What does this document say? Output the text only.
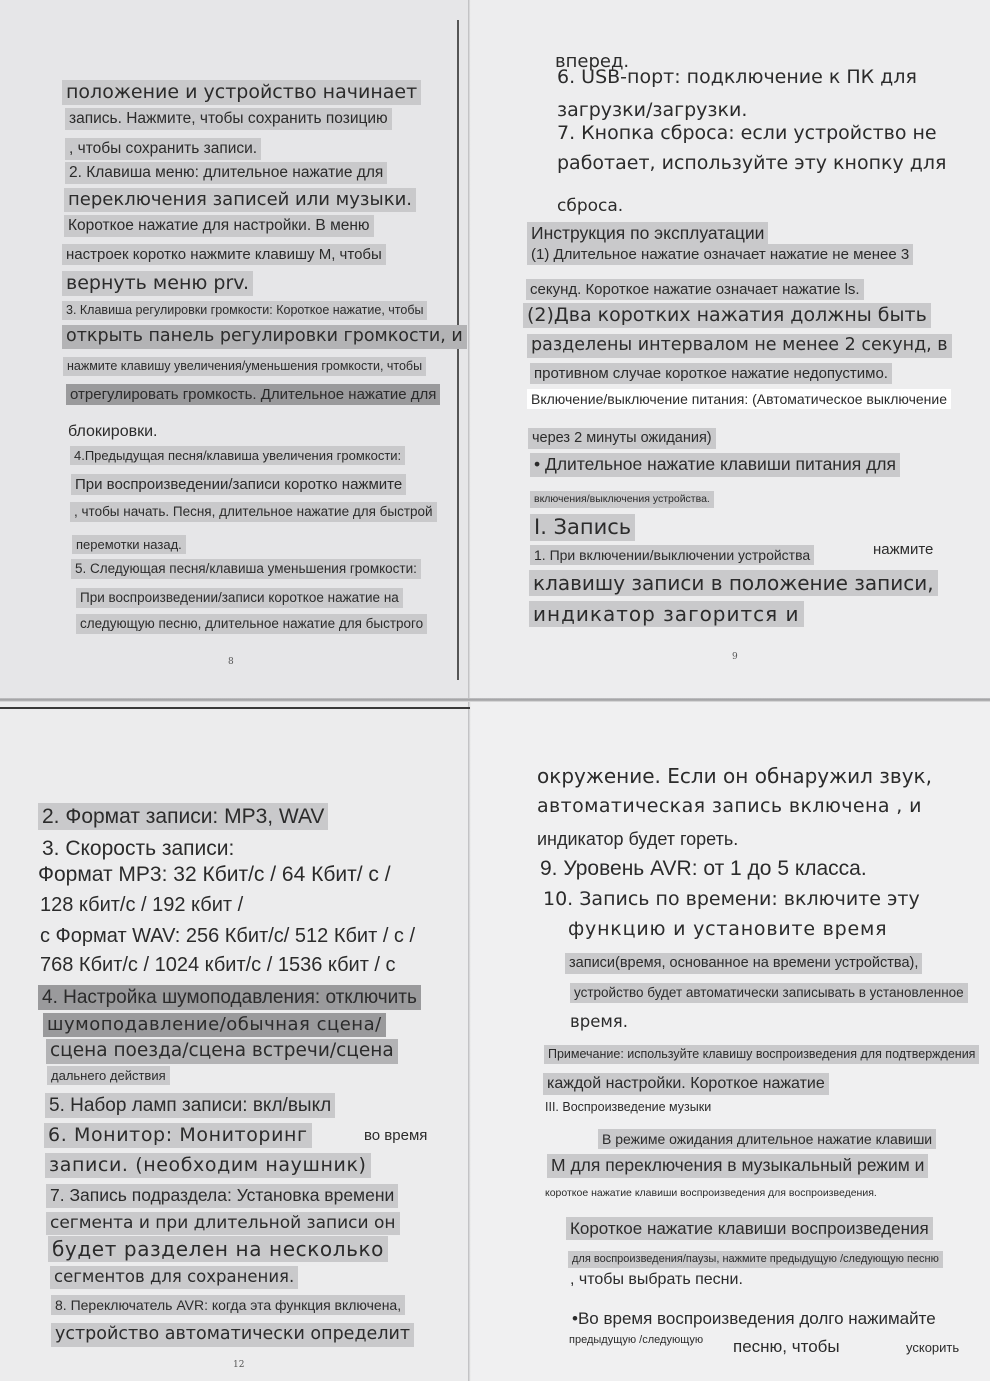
положение и устройство начинает
запись. Нажмите, чтобы сохранить позицию
, чтобы сохранить записи.
2. Клавиша меню: длительное нажатие для
переключения записей или музыки.
Короткое нажатие для настройки. В меню
настроек коротко нажмите клавишу М, чтобы
вернуть меню prv.
3. Клавиша регулировки громкости: Короткое нажатие, чтобы
открыть панель регулировки громкости, и
нажмите клавишу увеличения/уменьшения громкости, чтобы
отрегулировать громкость. Длительное нажатие для
блокировки.
4.Предыдущая песня/клавиша увеличения громкости:
При воспроизведении/записи коротко нажмите
, чтобы начать. Песня, длительное нажатие для быстрой
перемотки назад.
5. Следующая песня/клавиша уменьшения громкости:
При воспроизведении/записи короткое нажатие на
следующую песню, длительное нажатие для быстрого
8
вперед.
6. USB-порт: подключение к ПК для
загрузки/загрузки.
7. Кнопка сброса: если устройство не
работает, используйте эту кнопку для
сброса.
Инструкция по эксплуатации
(1) Длительное нажатие означает нажатие не менее 3
секунд. Короткое нажатие означает нажатие ls.
(2)Два коротких нажатия должны быть
разделены интервалом не менее 2 секунд, в
противном случае короткое нажатие недопустимо.
Включение/выключение питания: (Автоматическое выключение
через 2 минуты ожидания)
• Длительное нажатие клавиши питания для
включения/выключения устройства.
I. Запись
1. При включении/выключении устройства	нажмите
клавишу записи в положение записи,
индикатор загорится и
9
2. Формат записи: MP3, WAV
3. Скорость записи:
Формат MP3: 32 Кбит/с / 64 Кбит/ с /
128 кбит/с / 192 кбит /
с Формат WAV: 256 Кбит/с/ 512 Кбит / с /
768 Кбит/с / 1024 кбит/с / 1536 кбит / с
4. Настройка шумоподавления: отключить
шумоподавление/обычная сцена/
сцена поезда/сцена встречи/сцена
дальнего действия
5. Набор ламп записи: вкл/выкл
6. Монитор: Мониторинг	во время
записи. (необходим наушник)
7. Запись подраздела: Установка времени
сегмента и при длительной записи он
будет разделен на несколько
сегментов для сохранения.
8. Переключатель AVR: когда эта функция включена,
устройство автоматически определит
12
окружение. Если он обнаружил звук,
автоматическая запись включена , и
индикатор будет гореть.
9. Уровень AVR: от 1 до 5 класса.
10. Запись по времени: включите эту
функцию и установите время
записи(время, основанное на времени устройства),
устройство будет автоматически записывать в установленное
время.
Примечание: используйте клавишу воспроизведения для подтверждения
каждой настройки. Короткое нажатие
III. Воспроизведение музыки
В режиме ожидания длительное нажатие клавиши
М для переключения в музыкальный режим и
короткое нажатие клавиши воспроизведения для воспроизведения.
Короткое нажатие клавиши воспроизведения
для воспроизведения/паузы, нажмите предыдущую /следующую песню
, чтобы выбрать песни.
•Во время воспроизведения долго нажимайте
предыдущую /следующую песню, чтобы	ускорить
